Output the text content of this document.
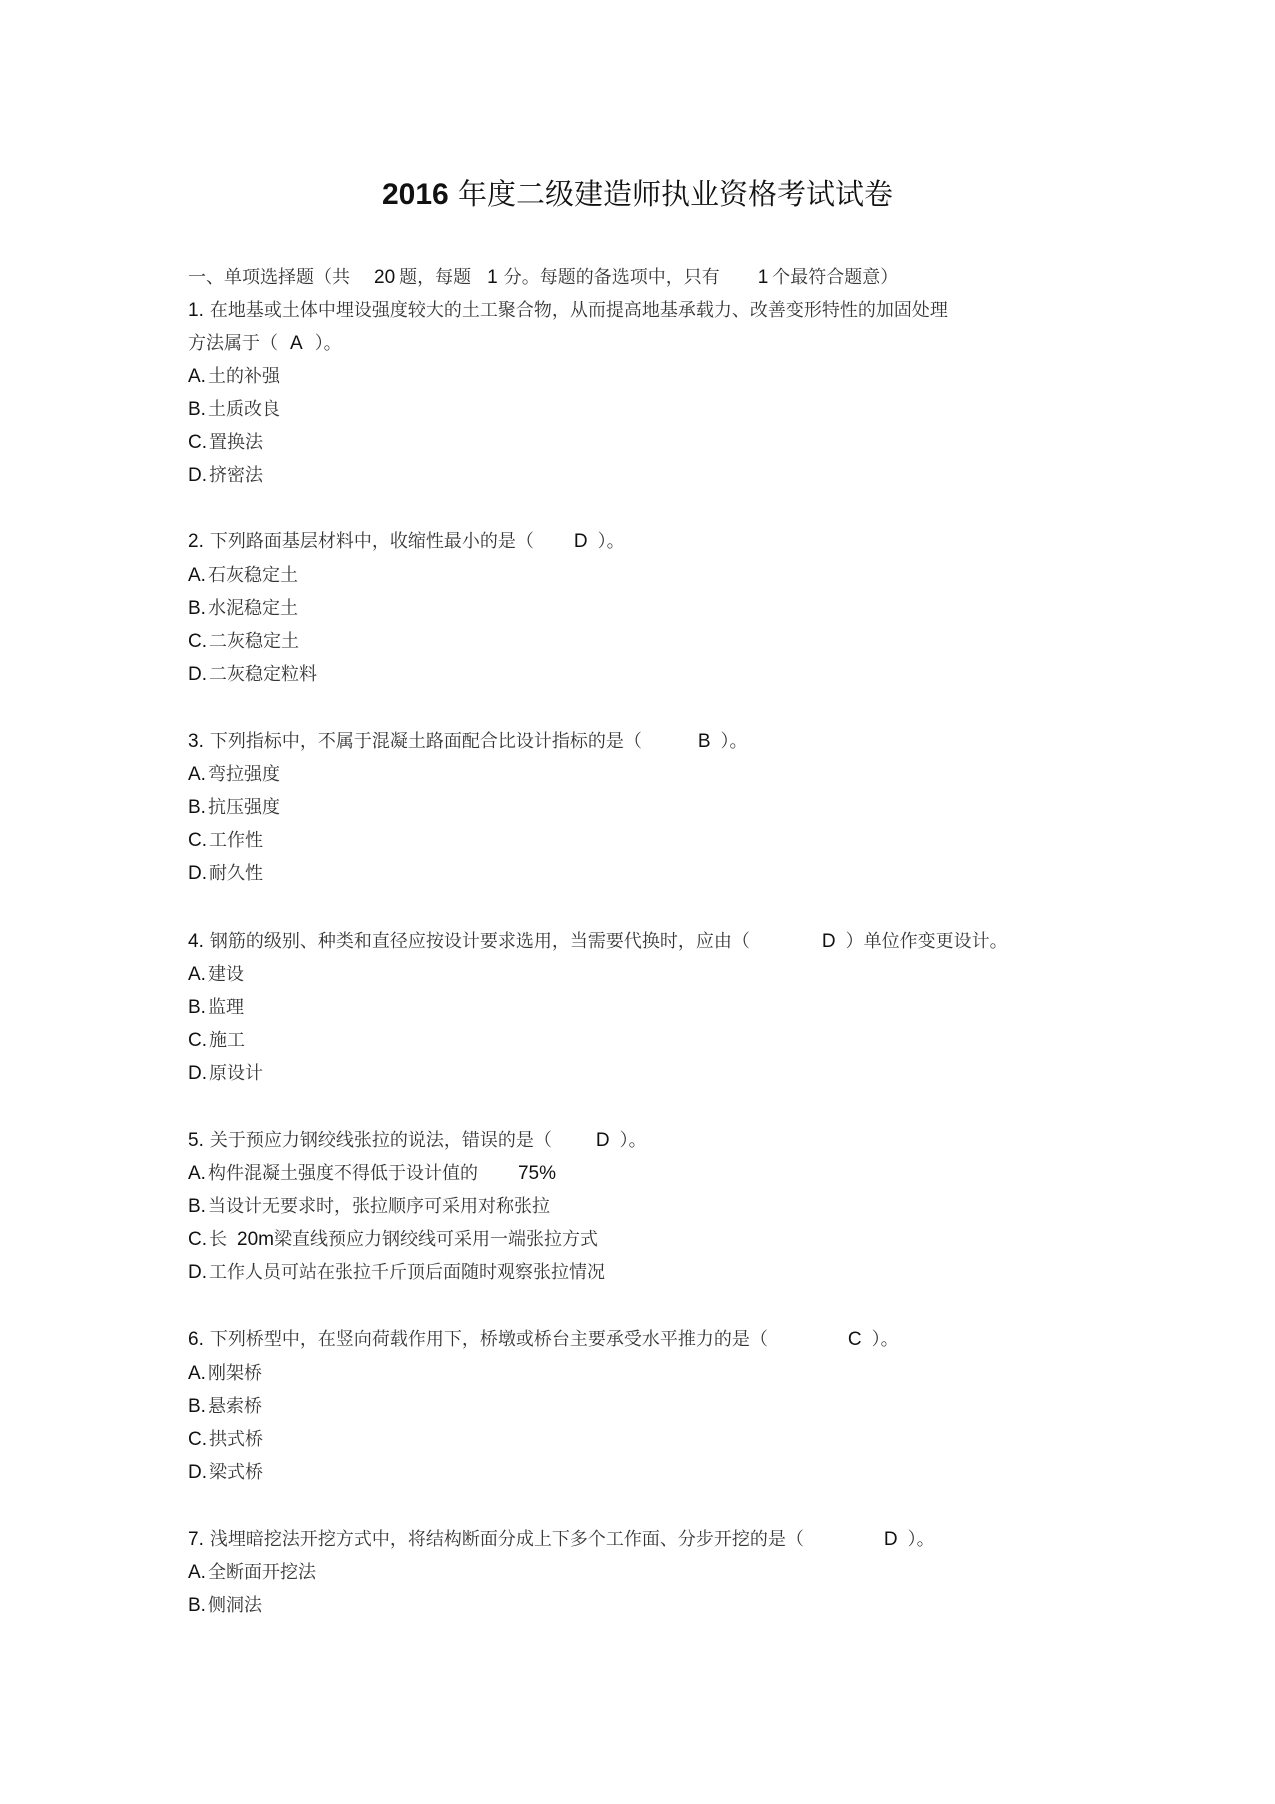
2016 年度二级建造师执业资格考试试卷
一、单项选择题（共 20 题，每题 1 分。每题的备选项中，只有 1 个最符合题意）
1. 在地基或土体中埋设强度较大的土工聚合物，从而提高地基承载力、改善变形特性的加固处理
方法属于（ A ）。
A. 土的补强
B. 土质改良
C. 置换法
D. 挤密法
2. 下列路面基层材料中，收缩性最小的是（ D ）。
A. 石灰稳定土
B. 水泥稳定土
C. 二灰稳定土
D. 二灰稳定粒料
3. 下列指标中，不属于混凝土路面配合比设计指标的是（	B ）。
A. 弯拉强度
B. 抗压强度
C. 工作性
D. 耐久性
4. 钢筋的级别、种类和直径应按设计要求选用，当需要代换时，应由（	D ）单位作变更设计。
A. 建设
B. 监理
C. 施工
D. 原设计
5. 关于预应力钢绞线张拉的说法，错误的是（ D ）。
A. 构件混凝土强度不得低于设计值的 75%
B. 当设计无要求时，张拉顺序可采用对称张拉
C. 长 20m梁直线预应力钢绞线可采用一端张拉方式
D. 工作人员可站在张拉千斤顶后面随时观察张拉情况
6. 下列桥型中，在竖向荷载作用下，桥墩或桥台主要承受水平推力的是（	C ）。
A. 刚架桥
B. 悬索桥
C. 拱式桥
D. 梁式桥
7. 浅埋暗挖法开挖方式中，将结构断面分成上下多个工作面、分步开挖的是（	D ）。
A. 全断面开挖法
B. 侧洞法
